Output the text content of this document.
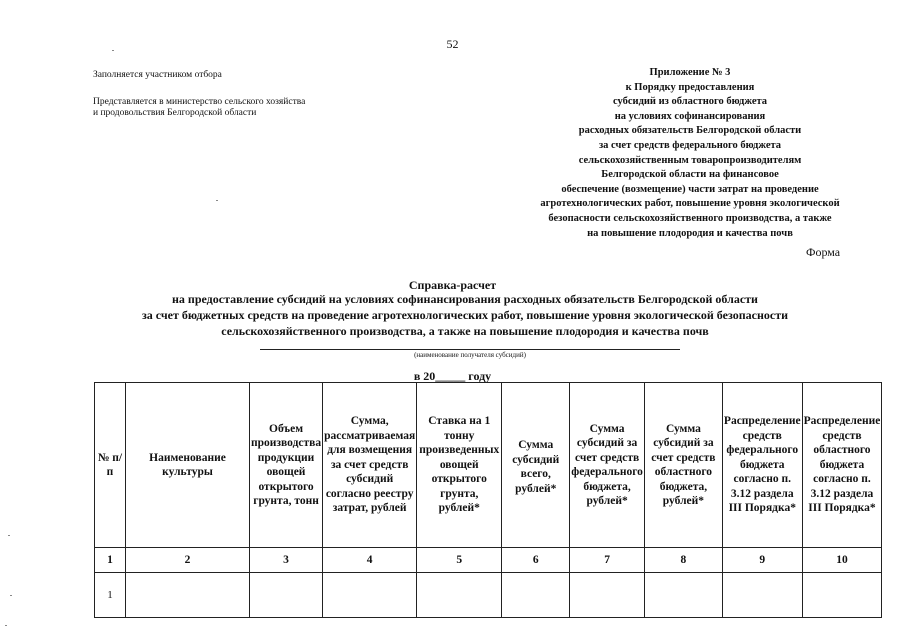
52
Заполняется участником отбора
Представляется в министерство сельского хозяйства
и продовольствия Белгородской области
Приложение № 3
к Порядку предоставления
субсидий из областного бюджета
на условиях софинансирования
расходных обязательств Белгородской области
за счет средств федерального бюджета
сельскохозяйственным товаропроизводителям
Белгородской области на финансовое
обеспечение (возмещение) части затрат на проведение
агротехнологических работ, повышение уровня экологической
безопасности сельскохозяйственного производства, а также
на повышение плодородия и качества почв
Форма
Справка-расчет
на предоставление субсидий на условиях софинансирования расходных обязательств Белгородской области
за счет бюджетных средств на проведение агротехнологических работ, повышение уровня экологической безопасности
сельскохозяйственного производства, а также на повышение плодородия и качества почв
(наименование получателя субсидий)
в 20_____ году
№ п/п	Наименование культуры	Объем производства продукции овощей открытого грунта, тонн	Сумма, рассматриваемая для возмещения за счет средств субсидий согласно реестру затрат, рублей	Ставка на 1 тонну произведенных овощей открытого грунта, рублей*	Сумма субсидий всего, рублей*	Сумма субсидий за счет средств федерального бюджета, рублей*	Сумма субсидий за счет средств областного бюджета, рублей*	Распределение средств федерального бюджета согласно п. 3.12 раздела III Порядка*	Распределение средств областного бюджета согласно п. 3.12 раздела III Порядка*
1	2	3	4	5	6	7	8	9	10
1									
